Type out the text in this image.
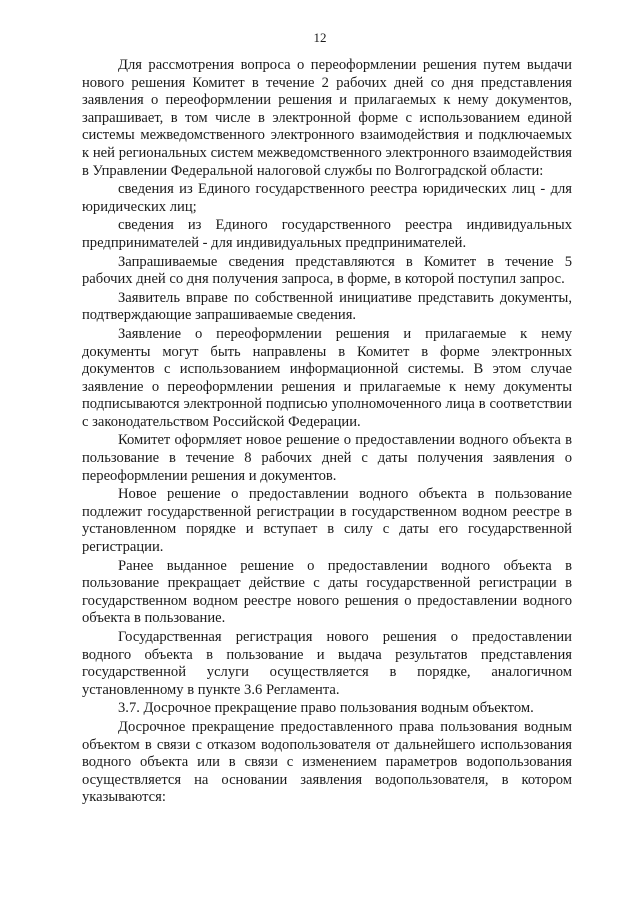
12

Для рассмотрения вопроса о переоформлении решения путем выдачи нового решения Комитет в течение 2 рабочих дней со дня представления заявления о переоформлении решения и прилагаемых к нему документов, запрашивает, в том числе в электронной форме с использованием единой системы межведомственного электронного взаимодействия и подключаемых к ней региональных систем межведомственного электронного взаимодействия в Управлении Федеральной налоговой службы по Волгоградской области:

сведения из Единого государственного реестра юридических лиц - для юридических лиц;

сведения из Единого государственного реестра индивидуальных предпринимателей - для индивидуальных предпринимателей.

Запрашиваемые сведения представляются в Комитет в течение 5 рабочих дней со дня получения запроса, в форме, в которой поступил запрос.

Заявитель вправе по собственной инициативе представить документы, подтверждающие запрашиваемые сведения.

Заявление о переоформлении решения и прилагаемые к нему документы могут быть направлены в Комитет в форме электронных документов с использованием информационной системы. В этом случае заявление о переоформлении решения и прилагаемые к нему документы подписываются электронной подписью уполномоченного лица в соответствии с законодательством Российской Федерации.

Комитет оформляет новое решение о предоставлении водного объекта в пользование в течение 8 рабочих дней с даты получения заявления о переоформлении решения и документов.

Новое решение о предоставлении водного объекта в пользование подлежит государственной регистрации в государственном водном реестре в установленном порядке и вступает в силу с даты его государственной регистрации.

Ранее выданное решение о предоставлении водного объекта в пользование прекращает действие с даты государственной регистрации в государственном водном реестре нового решения о предоставлении водного объекта в пользование.

Государственная регистрация нового решения о предоставлении водного объекта в пользование и выдача результатов представления государственной услуги осуществляется в порядке, аналогичном установленному в пункте 3.6 Регламента.

3.7. Досрочное прекращение право пользования водным объектом.

Досрочное прекращение предоставленного права пользования водным объектом в связи с отказом водопользователя от дальнейшего использования водного объекта или в связи с изменением параметров водопользования осуществляется на основании заявления водопользователя, в котором указываются:
